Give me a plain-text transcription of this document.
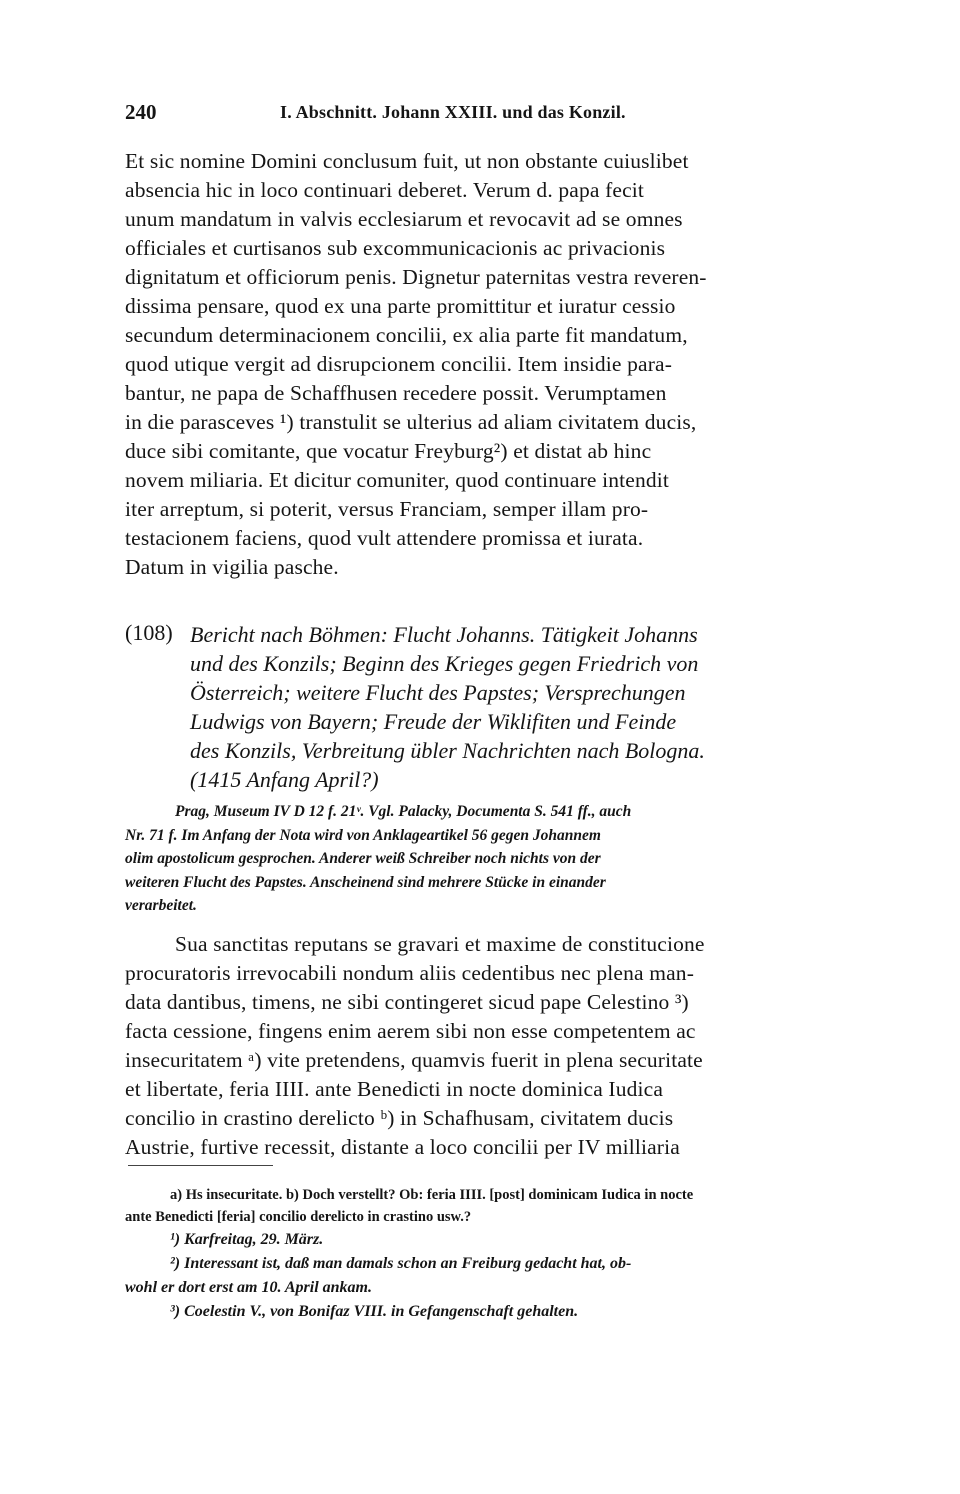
240	I. Abschnitt. Johann XXIII. und das Konzil.

Et sic nomine Domini conclusum fuit, ut non obstante cuiuslibet
absencia hic in loco continuari deberet. Verum d. papa fecit
unum mandatum in valvis ecclesiarum et revocavit ad se omnes
officiales et curtisanos sub excommunicacionis ac privacionis
dignitatum et officiorum penis. Dignetur paternitas vestra reveren-
dissima pensare, quod ex una parte promittitur et iuratur cessio
secundum determinacionem concilii, ex alia parte fit mandatum,
quod utique vergit ad disrupcionem concilii. Item insidie para-
bantur, ne papa de Schaffhusen recedere possit. Verumptamen
in die parasceves ¹) transtulit se ulterius ad aliam civitatem ducis,
duce sibi comitante, que vocatur Freyburg²) et distat ab hinc
novem miliaria. Et dicitur comuniter, quod continuare intendit
iter arreptum, si poterit, versus Franciam, semper illam pro-
testacionem faciens, quod vult attendere promissa et iurata.
Datum in vigilia pasche.

(108) Bericht nach Böhmen: Flucht Johanns. Tätigkeit Johanns
und des Konzils; Beginn des Krieges gegen Friedrich von
Österreich; weitere Flucht des Papstes; Versprechungen
Ludwigs von Bayern; Freude der Wiklifiten und Feinde
des Konzils, Verbreitung übler Nachrichten nach Bologna.
(1415 Anfang April?)
Prag, Museum IV D 12 f. 21ᵛ. Vgl. Palacky, Documenta S. 541 ff., auch
Nr. 71 f. Im Anfang der Nota wird von Anklageartikel 56 gegen Johannem
olim apostolicum gesprochen. Anderer weiß Schreiber noch nichts von der
weiteren Flucht des Papstes. Anscheinend sind mehrere Stücke in einander
verarbeitet.

Sua sanctitas reputans se gravari et maxime de constitucione
procuratoris irrevocabili nondum aliis cedentibus nec plena man-
data dantibus, timens, ne sibi contingeret sicud pape Celestino ³)
facta cessione, fingens enim aerem sibi non esse competentem ac
insecuritatem ᵃ) vite pretendens, quamvis fuerit in plena securitate
et libertate, feria IIII. ante Benedicti in nocte dominica Iudica
concilio in crastino derelicto ᵇ) in Schafhusam, civitatem ducis
Austrie, furtive recessit, distante a loco concilii per IV milliaria

a) Hs insecuritate. b) Doch verstellt? Ob: feria IIII. [post] dominicam Iudica in nocte
ante Benedicti [feria] concilio derelicto in crastino usw.?
¹) Karfreitag, 29. März.
²) Interessant ist, daß man damals schon an Freiburg gedacht hat, ob-
wohl er dort erst am 10. April ankam.
³) Coelestin V., von Bonifaz VIII. in Gefangenschaft gehalten.
